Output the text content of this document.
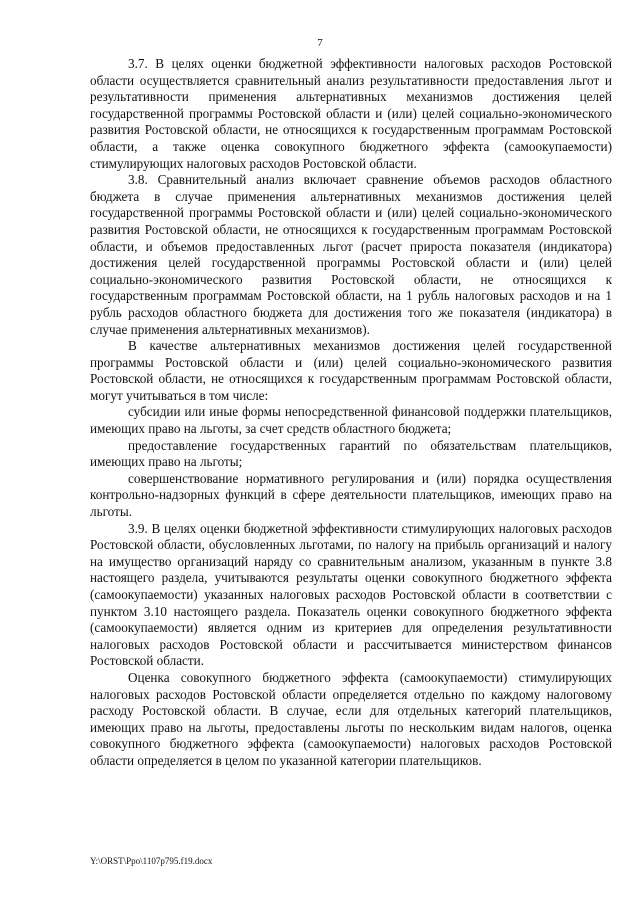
7

3.7. В целях оценки бюджетной эффективности налоговых расходов Ростовской области осуществляется сравнительный анализ результативности предоставления льгот и результативности применения альтернативных механизмов достижения целей государственной программы Ростовской области и (или) целей социально-экономического развития Ростовской области, не относящихся к государственным программам Ростовской области, а также оценка совокупного бюджетного эффекта (самоокупаемости) стимулирующих налоговых расходов Ростовской области.

3.8. Сравнительный анализ включает сравнение объемов расходов областного бюджета в случае применения альтернативных механизмов достижения целей государственной программы Ростовской области и (или) целей социально-экономического развития Ростовской области, не относящихся к государственным программам Ростовской области, и объемов предоставленных льгот (расчет прироста показателя (индикатора) достижения целей государственной программы Ростовской области и (или) целей социально-экономического развития Ростовской области, не относящихся к государственным программам Ростовской области, на 1 рубль налоговых расходов и на 1 рубль расходов областного бюджета для достижения того же показателя (индикатора) в случае применения альтернативных механизмов).

В качестве альтернативных механизмов достижения целей государственной программы Ростовской области и (или) целей социально-экономического развития Ростовской области, не относящихся к государственным программам Ростовской области, могут учитываться в том числе:

субсидии или иные формы непосредственной финансовой поддержки плательщиков, имеющих право на льготы, за счет средств областного бюджета;

предоставление государственных гарантий по обязательствам плательщиков, имеющих право на льготы;

совершенствование нормативного регулирования и (или) порядка осуществления контрольно-надзорных функций в сфере деятельности плательщиков, имеющих право на льготы.

3.9. В целях оценки бюджетной эффективности стимулирующих налоговых расходов Ростовской области, обусловленных льготами, по налогу на прибыль организаций и налогу на имущество организаций наряду со сравнительным анализом, указанным в пункте 3.8 настоящего раздела, учитываются результаты оценки совокупного бюджетного эффекта (самоокупаемости) указанных налоговых расходов Ростовской области в соответствии с пунктом 3.10 настоящего раздела. Показатель оценки совокупного бюджетного эффекта (самоокупаемости) является одним из критериев для определения результативности налоговых расходов Ростовской области и рассчитывается министерством финансов Ростовской области.

Оценка совокупного бюджетного эффекта (самоокупаемости) стимулирующих налоговых расходов Ростовской области определяется отдельно по каждому налоговому расходу Ростовской области. В случае, если для отдельных категорий плательщиков, имеющих право на льготы, предоставлены льготы по нескольким видам налогов, оценка совокупного бюджетного эффекта (самоокупаемости) налоговых расходов Ростовской области определяется в целом по указанной категории плательщиков.

Y:\ORST\Ppo\1107p795.f19.docx
